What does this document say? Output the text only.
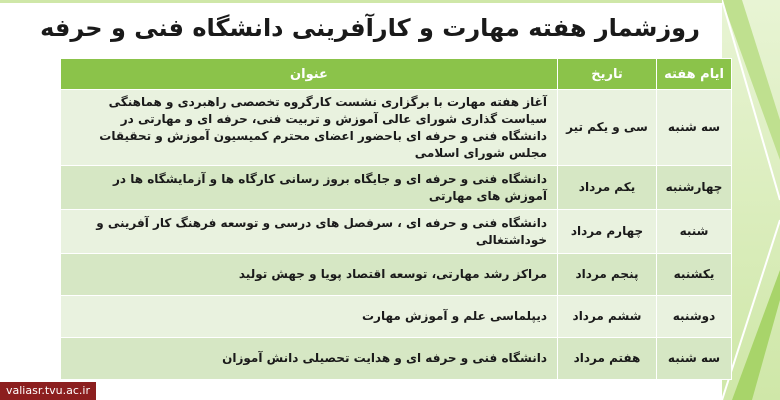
روزشمار هفته مهارت و کارآفرینی دانشگاه فنی و حرفه
ایام هفته	تاریخ	عنوان
سه شنبه	سی و یکم تیر	آغاز هفته مهارت با برگزاری نشست کارگروه تخصصی راهبردی و هماهنگی سیاست گذاری شورای عالی آموزش و تربیت فنی، حرفه ای و مهارتی در دانشگاه فنی و حرفه ای باحضور اعضای محترم کمیسیون آموزش و تحقیقات مجلس شورای اسلامی
چهارشنبه	یکم مرداد	دانشگاه فنی و حرفه ای و جایگاه بروز رسانی کارگاه ها و آزمایشگاه ها در آموزش های مهارتی
شنبه	چهارم مرداد	دانشگاه فنی و حرفه ای ، سرفصل های درسی و توسعه فرهنگ کار آفرینی و خوداشتغالی
یکشنبه	پنجم مرداد	مراکز رشد مهارتی، توسعه اقتصاد پویا و جهش تولید
دوشنبه	ششم مرداد	دیپلماسی علم و آموزش مهارت
سه شنبه	هفتم مرداد	دانشگاه فنی و حرفه ای و هدایت تحصیلی دانش آموزان
valiasr.tvu.ac.ir
